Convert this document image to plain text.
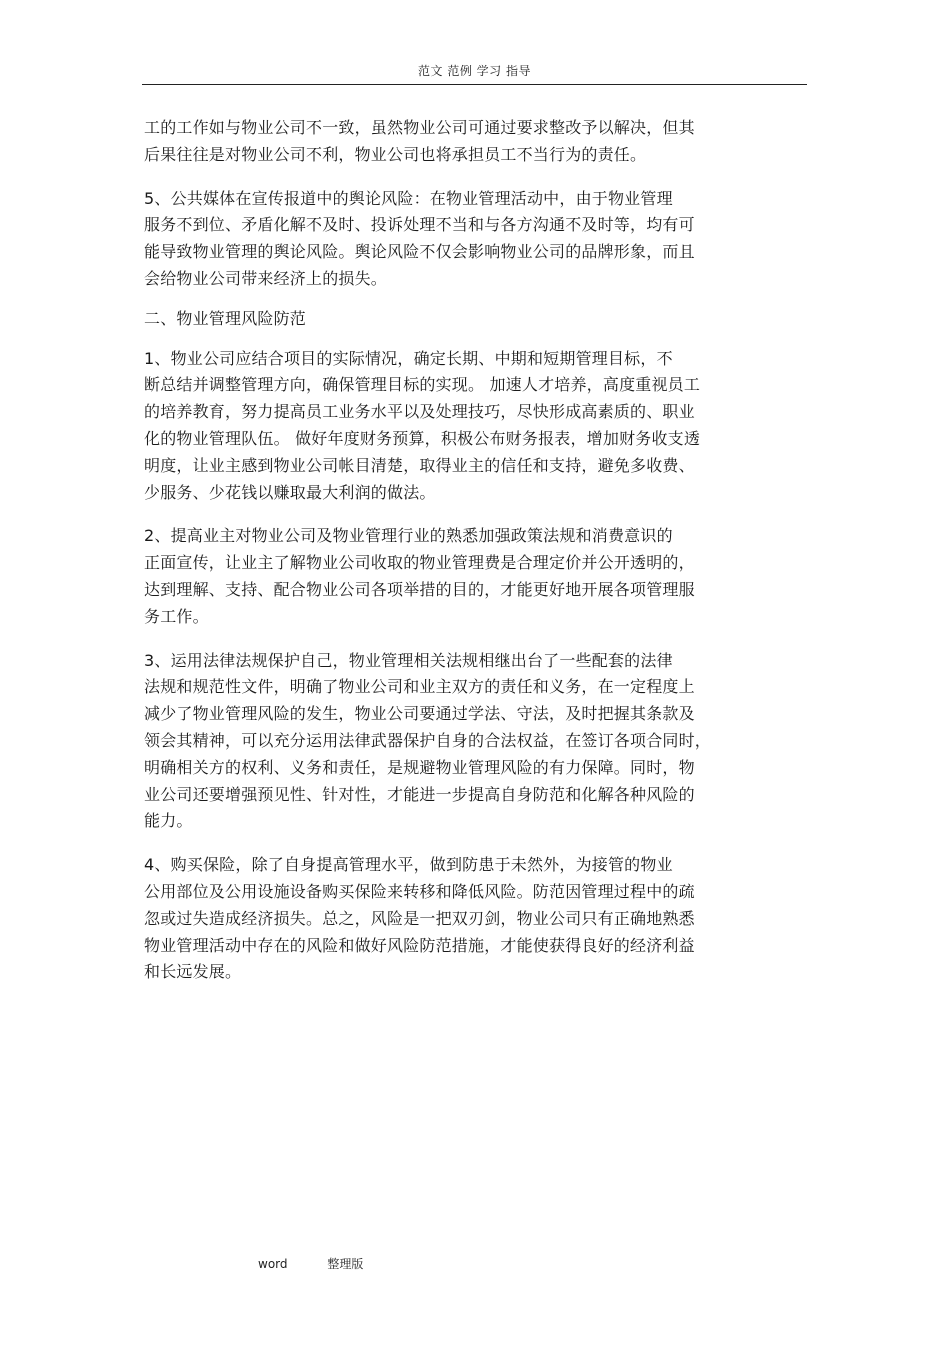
范文 范例 学习 指导

工的工作如与物业公司不一致，虽然物业公司可通过要求整改予以解决，但其
后果往往是对物业公司不利，物业公司也将承担员工不当行为的责任。

5、公共媒体在宣传报道中的舆论风险：在物业管理活动中，由于物业管理
服务不到位、矛盾化解不及时、投诉处理不当和与各方沟通不及时等，均有可
能导致物业管理的舆论风险。舆论风险不仅会影响物业公司的品牌形象，而且
会给物业公司带来经济上的损失。

二、物业管理风险防范

1、物业公司应结合项目的实际情况，确定长期、中期和短期管理目标，不
断总结并调整管理方向，确保管理目标的实现。 加速人才培养，高度重视员工
的培养教育，努力提高员工业务水平以及处理技巧，尽快形成高素质的、职业
化的物业管理队伍。 做好年度财务预算，积极公布财务报表，增加财务收支透
明度，让业主感到物业公司帐目清楚，取得业主的信任和支持，避免多收费、
少服务、少花钱以赚取最大利润的做法。

2、提高业主对物业公司及物业管理行业的熟悉加强政策法规和消费意识的
正面宣传，让业主了解物业公司收取的物业管理费是合理定价并公开透明的，
达到理解、支持、配合物业公司各项举措的目的，才能更好地开展各项管理服
务工作。

3、运用法律法规保护自己，物业管理相关法规相继出台了一些配套的法律
法规和规范性文件，明确了物业公司和业主双方的责任和义务，在一定程度上
减少了物业管理风险的发生，物业公司要通过学法、守法，及时把握其条款及
领会其精神，可以充分运用法律武器保护自身的合法权益，在签订各项合同时，
明确相关方的权利、义务和责任，是规避物业管理风险的有力保障。同时，物
业公司还要增强预见性、针对性，才能进一步提高自身防范和化解各种风险的
能力。

4、购买保险，除了自身提高管理水平，做到防患于未然外，为接管的物业
公用部位及公用设施设备购买保险来转移和降低风险。防范因管理过程中的疏
忽或过失造成经济损失。总之，风险是一把双刃剑，物业公司只有正确地熟悉
物业管理活动中存在的风险和做好风险防范措施，才能使获得良好的经济利益
和长远发展。

word	整理版
